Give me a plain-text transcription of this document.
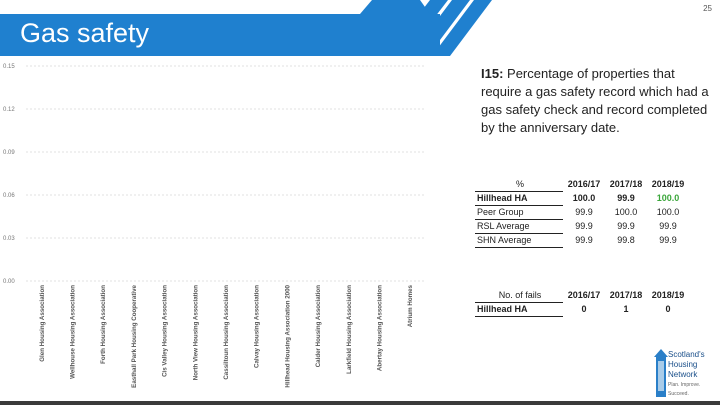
Gas safety
25
0.15
0.12
0.09
0.06
0.03
0.00
Glen Housing Association	Wellhouse Housing Association	Forth Housing Association	Easthall Park Housing Cooperative	Cis Valley Housing Association	North View Housing Association	Cassiltoun Housing Association	Calvay Housing Association	Hillhead Housing Association 2000	Calder Housing Association	Larkfield Housing Association	Abertay Housing Association	Atrium Homes
I15: Percentage of properties that require a gas safety record which had a gas safety check and record completed by the anniversary date.
%	2016/17	2017/18	2018/19
Hillhead HA	100.0	99.9	100.0
Peer Group	99.9	100.0	100.0
RSL Average	99.9	99.9	99.9
SHN Average	99.9	99.8	99.9
No. of fails	2016/17	2017/18	2018/19
Hillhead HA	0	1	0
Scotland's
Housing
Network
Plan. Improve. Succeed.
